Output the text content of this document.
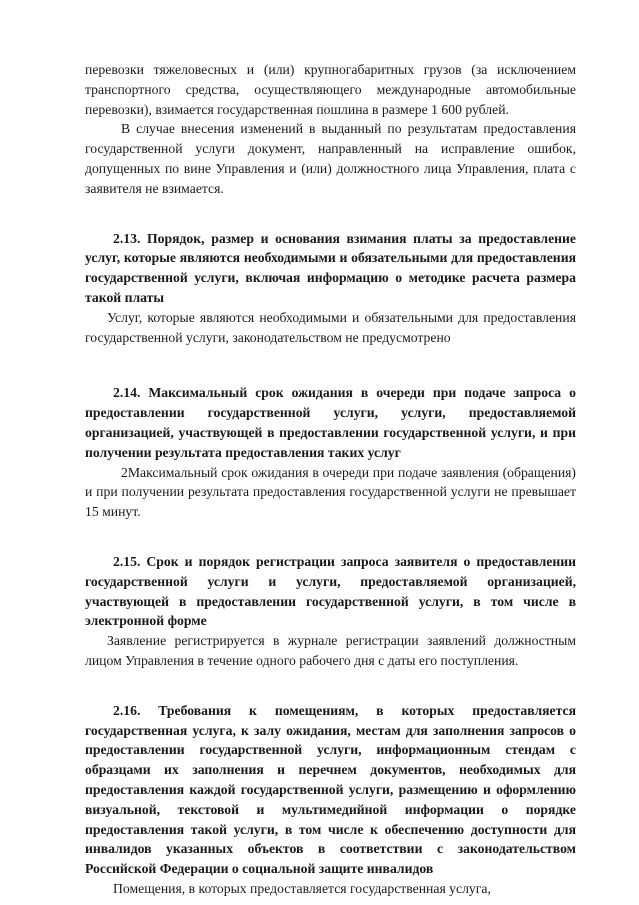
перевозки тяжеловесных и (или) крупногабаритных грузов (за исключением транспортного средства, осуществляющего международные автомобильные перевозки), взимается государственная пошлина в размере 1 600 рублей.

В случае внесения изменений в выданный по результатам предоставления государственной услуги документ, направленный на исправление ошибок, допущенных по вине Управления и (или) должностного лица Управления, плата с заявителя не взимается.

2.13. Порядок, размер и основания взимания платы за предоставление услуг, которые являются необходимыми и обязательными для предоставления государственной услуги, включая информацию о методике расчета размера такой платы

Услуг, которые являются необходимыми и обязательными для предоставления государственной услуги, законодательством не предусмотрено

2.14. Максимальный срок ожидания в очереди при подаче запроса о предоставлении государственной услуги, услуги, предоставляемой организацией, участвующей в предоставлении государственной услуги, и при получении результата предоставления таких услуг

2Максимальный срок ожидания в очереди при подаче заявления (обращения) и при получении результата предоставления государственной услуги не превышает 15 минут.

2.15. Срок и порядок регистрации запроса заявителя о предоставлении государственной услуги и услуги, предоставляемой организацией, участвующей в предоставлении государственной услуги, в том числе в электронной форме

Заявление регистрируется в журнале регистрации заявлений должностным лицом Управления в течение одного рабочего дня с даты его поступления.

2.16. Требования к помещениям, в которых предоставляется государственная услуга, к залу ожидания, местам для заполнения запросов о предоставлении государственной услуги, информационным стендам с образцами их заполнения и перечнем документов, необходимых для предоставления каждой государственной услуги, размещению и оформлению визуальной, текстовой и мультимедийной информации о порядке предоставления такой услуги, в том числе к обеспечению доступности для инвалидов указанных объектов в соответствии с законодательством Российской Федерации о социальной защите инвалидов

Помещения, в которых предоставляется государственная услуга,
